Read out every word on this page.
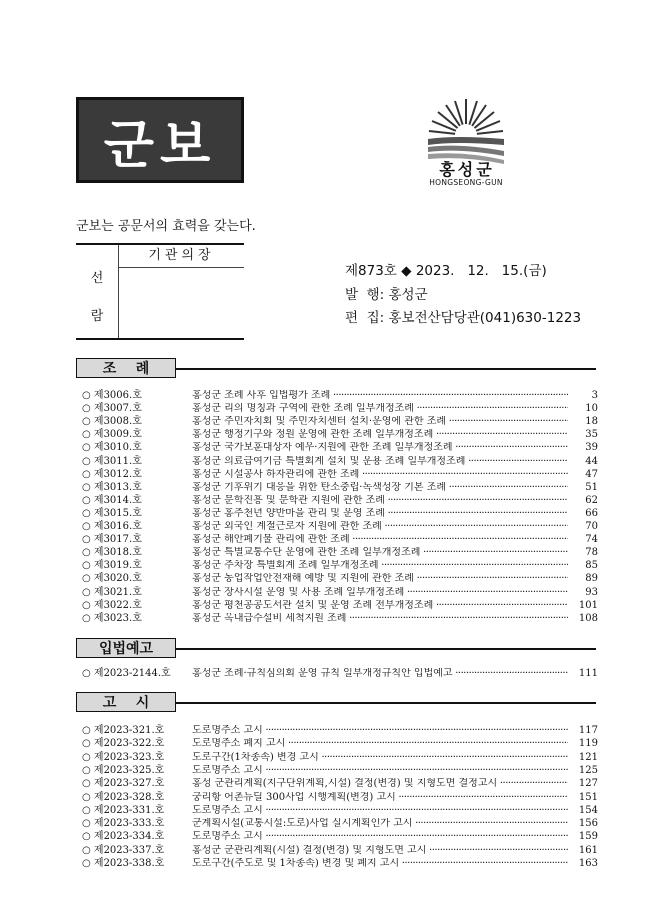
군보	홍성군
HONGSEONG-GUN
군보는 공문서의 효력을 갖는다.
선
람
기관의장
제873호 ◆ 2023.   12.   15.(금)
발  행: 홍성군
편  집: 홍보전산담당관(041)630-1223
조    례
○ 제3006.호	홍성군 조례 사후 입법평가 조례 ·····	3
○ 제3007.호	홍성군 리의 명칭과 구역에 관한 조례 일부개정조례 ·····	10
○ 제3008.호	홍성군 주민자치회 및 주민자치센터 설치·운영에 관한 조례 ·····	18
○ 제3009.호	홍성군 행정기구와 정원 운영에 관한 조례 일부개정조례 ·····	35
○ 제3010.호	홍성군 국가보훈대상자 예우·지원에 관한 조례 일부개정조례 ·····	39
○ 제3011.호	홍성군 의료급여기금 특별회계 설치 및 운용 조례 일부개정조례 ·····	44
○ 제3012.호	홍성군 시설공사 하자관리에 관한 조례 ·····	47
○ 제3013.호	홍성군 기후위기 대응을 위한 탄소중립·녹색성장 기본 조례 ·····	51
○ 제3014.호	홍성군 문학진흥 및 문학관 지원에 관한 조례 ·····	62
○ 제3015.호	홍성군 홍주천년 양반마을 관리 및 운영 조례 ·····	66
○ 제3016.호	홍성군 외국인 계절근로자 지원에 관한 조례 ·····	70
○ 제3017.호	홍성군 해안폐기물 관리에 관한 조례 ·····	74
○ 제3018.호	홍성군 특별교통수단 운영에 관한 조례 일부개정조례 ·····	78
○ 제3019.호	홍성군 주차장 특별회계 조례 일부개정조례 ·····	85
○ 제3020.호	홍성군 농업작업안전재해 예방 및 지원에 관한 조례 ·····	89
○ 제3021.호	홍성군 장사시설 운영 및 사용 조례 일부개정조례 ·····	93
○ 제3022.호	홍성군 평천공공도서관 설치 및 운영 조례 전부개정조례 ·····	101
○ 제3023.호	홍성군 옥내급수설비 세척지원 조례 ·····	108
입법예고
○ 제2023-2144.호 홍성군 조례·규칙심의회 운영 규칙 일부개정규칙안 입법예고 ·····	111
고    시
○ 제2023-321.호	도로명주소 고시 ·····	117
○ 제2023-322.호	도로명주소 폐지 고시 ·····	119
○ 제2023-323.호	도로구간(1차종속) 변경 고시 ·····	121
○ 제2023-325.호	도로명주소 고시 ·····	125
○ 제2023-327.호	홍성 군관리계획(지구단위계획,시설) 결정(변경) 및 지형도면 결정고시 ·····	127
○ 제2023-328.호	궁리항 어촌뉴딜 300사업 시행계획(변경) 고시 ·····	151
○ 제2023-331.호	도로명주소 고시 ·····	154
○ 제2023-333.호	군계획시설(교통시설:도로)사업 실시계획인가 고시 ·····	156
○ 제2023-334.호	도로명주소 고시 ·····	159
○ 제2023-337.호	홍성군 군관리계획(시설) 결정(변경) 및 지형도면 고시 ·····	161
○ 제2023-338.호	도로구간(주도로 및 1차종속) 변경 및 폐지 고시 ·····	163
